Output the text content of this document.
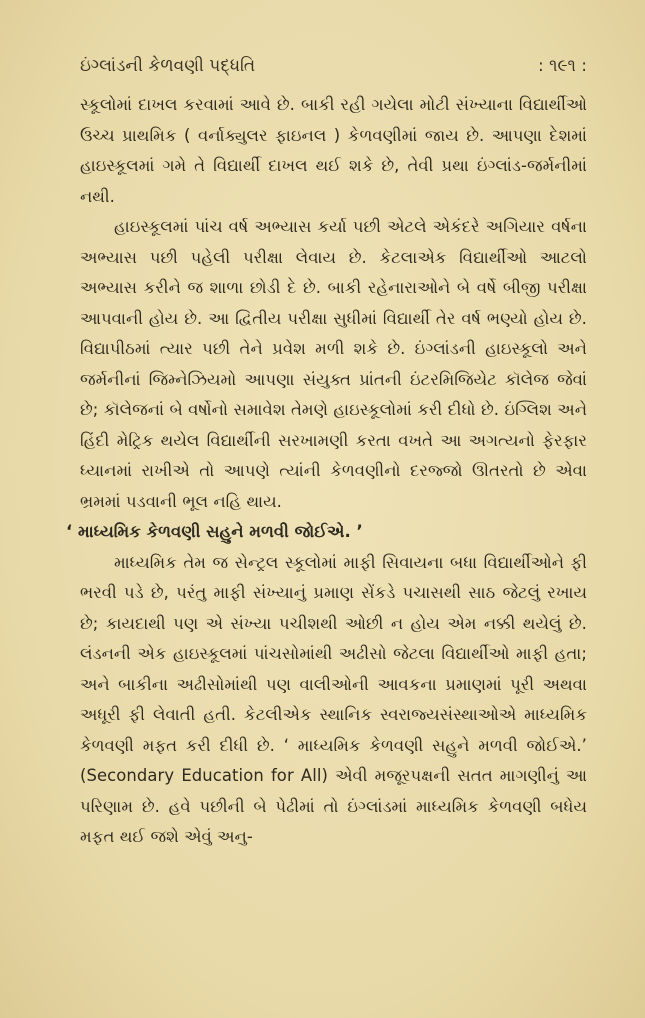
ઇંગ્લાંડની કેળવણી પદ્ધતિ	: ૧૯૧ :

સ્કૂલોમાં દાખલ કરવામાં આવે છે. બાકી રહી ગયેલા મોટી સંખ્યાના વિદ્યાર્થીઓ ઉચ્ચ પ્રાથમિક ( વર્નાક્યુલર ફાઇનલ ) કેળવણીમાં જાય છે. આપણા દેશમાં હાઇસ્કૂલમાં ગમે તે વિદ્યાર્થી દાખલ થઈ શકે છે, તેવી પ્રથા ઇંગ્લાંડ-જર્મનીમાં નથી.

હાઇસ્કૂલમાં પાંચ વર્ષ અભ્યાસ કર્યા પછી એટલે એકંદરે અગિયાર વર્ષના અભ્યાસ પછી પહેલી પરીક્ષા લેવાય છે. કેટલાએક વિદ્યાર્થીઓ આટલો અભ્યાસ કરીને જ શાળા છોડી દે છે. બાકી રહેનારાઓને બે વર્ષે બીજી પરીક્ષા આપવાની હોય છે. આ દ્વિતીય પરીક્ષા સુધીમાં વિદ્યાર્થી તેર વર્ષ ભણ્યો હોય છે. વિદ્યાપીઠમાં ત્યાર પછી તેને પ્રવેશ મળી શકે છે. ઇંગ્લાંડની હાઇસ્કૂલો અને જર્મનીનાં જિમ્નેઝિયમો આપણા સંયુક્ત પ્રાંતની ઇંટરમિજિયેટ કૉલેજ જેવાં છે; કૉલેજનાં બે વર્ષોનો સમાવેશ તેમણે હાઇસ્કૂલોમાં કરી દીધો છે. ઇંગ્લિશ અને હિંદી મેટ્રિક થયેલ વિદ્યાર્થીની સરખામણી કરતા વખતે આ અગત્યનો ફેરફાર ધ્યાનમાં રાખીએ તો આપણે ત્યાંની કેળવણીનો દરજ્જો ઊતરતો છે એવા ભ્રમમાં પડવાની ભૂલ નહિ થાય.

‘ માધ્યમિક કેળવણી સહુને મળવી જોઈએ. ’

માધ્યમિક તેમ જ સેન્ટ્રલ સ્કૂલોમાં માફી સિવાયના બધા વિદ્યાર્થીઓને ફી ભરવી પડે છે, પરંતુ માફી સંખ્યાનું પ્રમાણ સેંકડે પચાસથી સાઠ જેટલું રખાય છે; કાયદાથી પણ એ સંખ્યા પચીશથી ઓછી ન હોય એમ નક્કી થયેલું છે. લંડનની એક હાઇસ્કૂલમાં પાંચસોમાંથી અઢીસો જેટલા વિદ્યાર્થીઓ માફી હતા; અને બાકીના અઢીસોમાંથી પણ વાલીઓની આવકના પ્રમાણમાં પૂરી અથવા અધૂરી ફી લેવાતી હતી. કેટલીએક સ્થાનિક સ્વરાજ્યસંસ્થાઓએ માધ્યમિક કેળવણી મફત કરી દીધી છે. ‘ માધ્યમિક કેળવણી સહુને મળવી જોઈએ.’ (Secondary Education for All) એવી મજૂરપક્ષની સતત માગણીનું આ પરિણામ છે. હવે પછીની બે પેઢીમાં તો ઇંગ્લાંડમાં માધ્યમિક કેળવણી બધેય મફત થઈ જશે એવું અનુ-
